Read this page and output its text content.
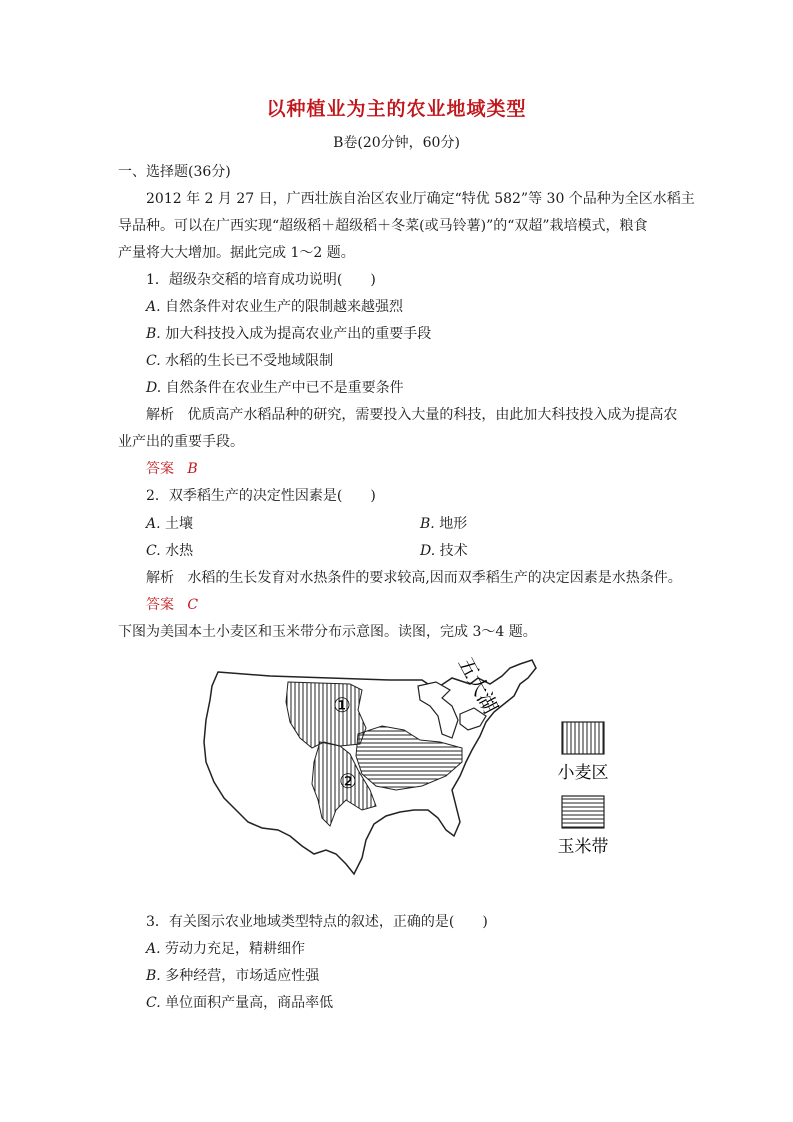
以种植业为主的农业地域类型
B卷(20分钟，60分)
一、选择题(36分)
2012 年 2 月 27 日，广西壮族自治区农业厅确定“特优 582”等 30 个品种为全区水稻主
导品种。可以在广西实现“超级稻＋超级稻＋冬菜(或马铃薯)”的“双超”栽培模式，粮食
产量将大大增加。据此完成 1～2 题。
1．超级杂交稻的培育成功说明(　　)
A. 自然条件对农业生产的限制越来越强烈
B. 加大科技投入成为提高农业产出的重要手段
C. 水稻的生长已不受地域限制
D. 自然条件在农业生产中已不是重要条件
解析 优质高产水稻品种的研究，需要投入大量的科技，由此加大科技投入成为提高农
业产出的重要手段。
答案 B
2．双季稻生产的决定性因素是(　　)
A. 土壤	B. 地形
C. 水热	D. 技术
解析 水稻的生长发育对水热条件的要求较高,因而双季稻生产的决定因素是水热条件。
答案 C
下图为美国本土小麦区和玉米带分布示意图。读图，完成 3～4 题。
①
②
五大湖
小麦区
玉米带
3．有关图示农业地域类型特点的叙述，正确的是(　　)
A. 劳动力充足，精耕细作
B. 多种经营，市场适应性强
C. 单位面积产量高，商品率低
